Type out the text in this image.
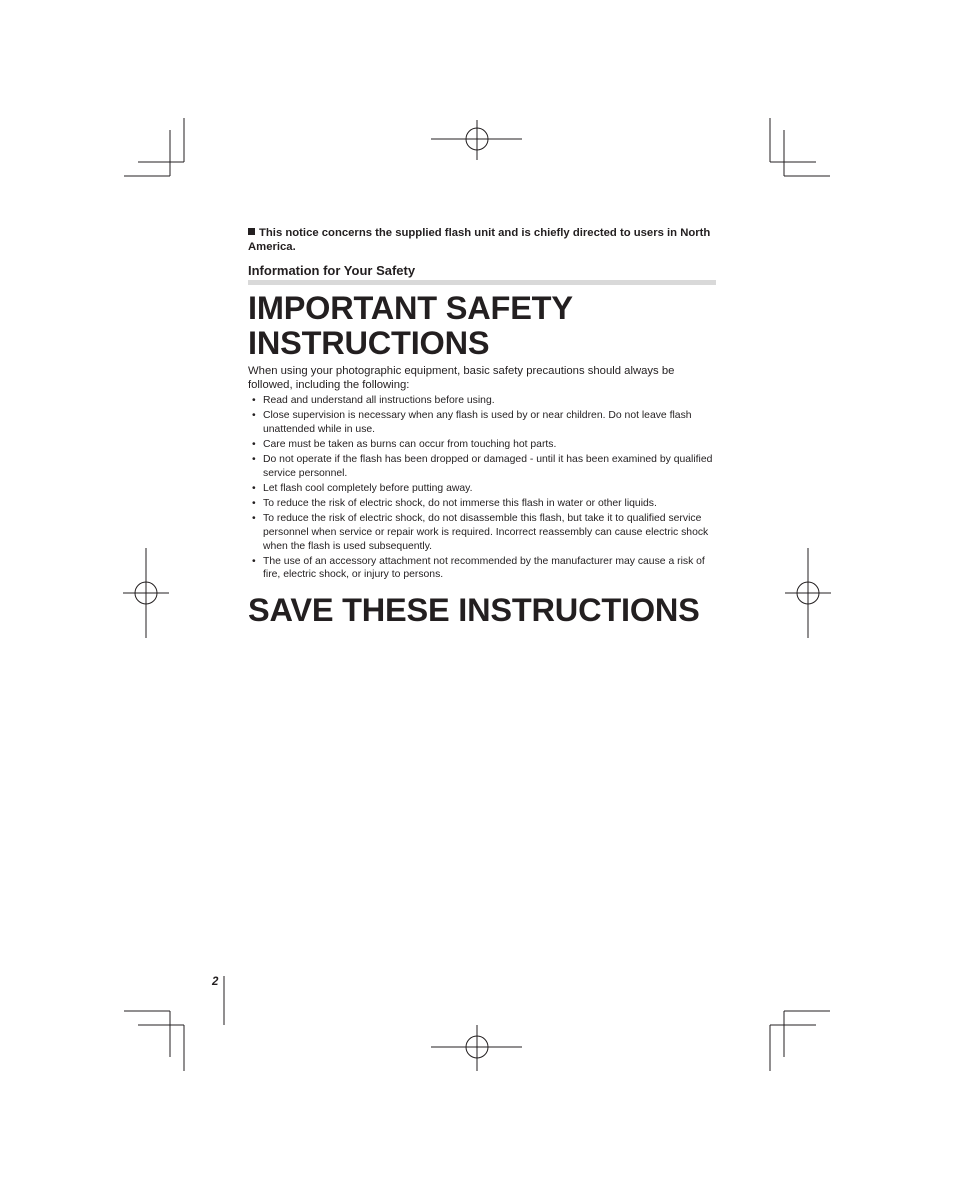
This notice concerns the supplied flash unit and is chiefly directed to users in North America.

Information for Your Safety
IMPORTANT SAFETY INSTRUCTIONS
When using your photographic equipment, basic safety precautions should always be followed, including the following:
• Read and understand all instructions before using.
• Close supervision is necessary when any flash is used by or near children. Do not leave flash unattended while in use.
• Care must be taken as burns can occur from touching hot parts.
• Do not operate if the flash has been dropped or damaged - until it has been examined by qualified service personnel.
• Let flash cool completely before putting away.
• To reduce the risk of electric shock, do not immerse this flash in water or other liquids.
• To reduce the risk of electric shock, do not disassemble this flash, but take it to qualified service personnel when service or repair work is required. Incorrect reassembly can cause electric shock when the flash is used subsequently.
• The use of an accessory attachment not recommended by the manufacturer may cause a risk of fire, electric shock, or injury to persons.
SAVE THESE INSTRUCTIONS
2
